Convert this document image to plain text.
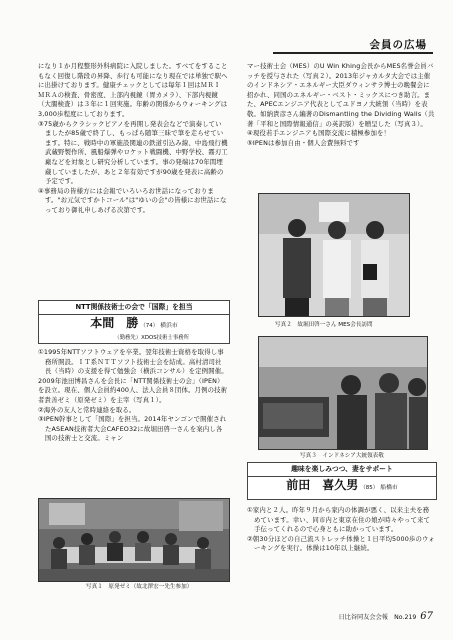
会員の広場

になり１か月程整形外科病院に入院しました。すべてをすることもなく回復し階段の昇降、歩行も可能になり現在では単独で駅へに出掛けております。健康チェックとしては毎年１回はＭＲＩ　ＭＲＡの検査、骨密度、上部内視鏡（胃カメラ）、下部内視鏡（大腸検査）は３年に１回実施。年齢の関係からウォーキングは3,000歩程度にしております。

③75歳からクラシックピアノを再開し発表会などで演奏していましたが85歳で終了し、もっぱら随筆三昧で筆を走らせています。特に、戦時中の軍施設関連の鉄道引込み線、中島飛行機武蔵野製作所、風船爆弾やロケット戦闘機、中野学校、霧刃工廠などを対象とし研究分析しています。事の発端は70年間埋蔵していましたが、あと２年有効ですが90歳を発表に高齢の予定です。

④事務局の皆様方には会報でいろいろお世話になっております。"お元気ですかトコール"は"ゆいの会"の皆様にお世話になっており御礼申しあげる次第です。

NTT関係技術士の会で「国際」を担当
本間　勝 （74） 横浜市
（勤務先）XDOS技術士事務所

①1995年NTTソフトウェアを卒業。翌年技術士資格を取得し事務所開設。ＩＴ系ＮＴＴソフト技術士会を結成。高村清司社長（当時）の支援を得て勉強会（横浜コンサル）を定例開催。

2009年池田博昌さんを会長に「NTT関係技術士の会」（IPEN）を設立。現在、個人会員約400人、法人会員８団体。月例の技術者貴善ゼミ（原発ゼミ）を主宰（写真１）。

②海外の友人と常時連絡を取る。

③IPEN幹事として「国際」を担当。2014年ヤンゴンで開催されたASEAN技術者大会CAFEO32に故堀田啓一さんを案内し各国の技術士と交流。ミャン

写真１　原発ゼミ（故北澤宏一先生参加）

マー技術士会（MES）のU Win Khing会長からMES名誉会員バッチを授与された（写真２）。2013年ジャカルタ大会では主催のインドネシア・エネルギー大臣ダウィンサラ博士の晩餐会に招かれ、同国のエネルギー・ベスト・ミックスにつき助言。また、APECエンジニア代表としてユドヨノ大統領（当時）を表敬。如納貴彦さん編著のDismantling the Dividing Walls（共著「平和と国際情報通信」の英訳版）を贈呈した（写真３）。

④現役若手エンジニアも国際交流に積極参加を！

⑤IPENは参加自由・個人会費無料です

写真２　故堀田啓一さん MES会長訪問
写真３　インドネシア大統領表敬
趣味を楽しみつつ、妻をサポート
前田　喜久男 （85） 船橋市

①家内と２人。昨年９月から家内の体調が悪く、以来主夫を務めています。幸い、同市内と東京在住の娘が時々やって来て手伝ってくれるので心身ともに助かっています。

②朝30分ほどの自己流ストレッチ体操と１日平均5000歩のウォーキングを実行。体操は10年以上継続。

日比谷同友会会報　No.219 67
